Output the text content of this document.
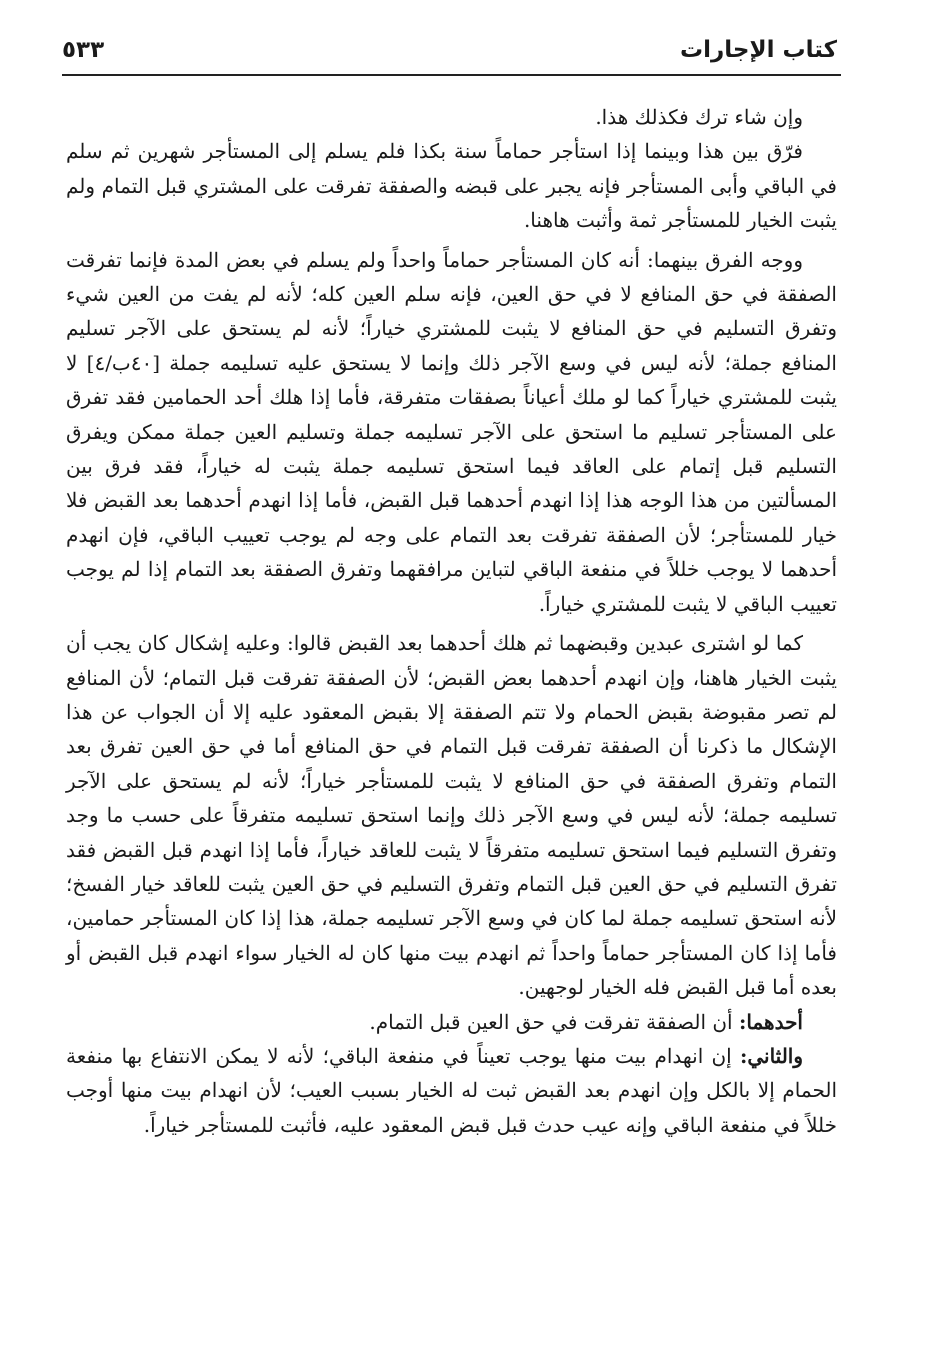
كتاب الإجارات
٥٣٣

وإن شاء ترك فكذلك هذا.

فرّق بين هذا وبينما إذا استأجر حماماً سنة بكذا فلم يسلم إلى المستأجر شهرين ثم سلم في الباقي وأبى المستأجر فإنه يجبر على قبضه والصفقة تفرقت على المشتري قبل التمام ولم يثبت الخيار للمستأجر ثمة وأثبت هاهنا.

ووجه الفرق بينهما: أنه كان المستأجر حماماً واحداً ولم يسلم في بعض المدة فإنما تفرقت الصفقة في حق المنافع لا في حق العين، فإنه سلم العين كله؛ لأنه لم يفت من العين شيء وتفرق التسليم في حق المنافع لا يثبت للمشتري خياراً؛ لأنه لم يستحق على الآجر تسليم المنافع جملة؛ لأنه ليس في وسع الآجر ذلك وإنما لا يستحق عليه تسليمه جملة [٤٠ب/٤] لا يثبت للمشتري خياراً كما لو ملك أعياناً بصفقات متفرقة، فأما إذا هلك أحد الحمامين فقد تفرق على المستأجر تسليم ما استحق على الآجر تسليمه جملة وتسليم العين جملة ممكن ويفرق التسليم قبل إتمام على العاقد فيما استحق تسليمه جملة يثبت له خياراً، فقد فرق بين المسألتين من هذا الوجه هذا إذا انهدم أحدهما قبل القبض، فأما إذا انهدم أحدهما بعد القبض فلا خيار للمستأجر؛ لأن الصفقة تفرقت بعد التمام على وجه لم يوجب تعييب الباقي، فإن انهدم أحدهما لا يوجب خللاً في منفعة الباقي لتباين مرافقهما وتفرق الصفقة بعد التمام إذا لم يوجب تعييب الباقي لا يثبت للمشتري خياراً.

كما لو اشترى عبدين وقبضهما ثم هلك أحدهما بعد القبض قالوا: وعليه إشكال كان يجب أن يثبت الخيار هاهنا، وإن انهدم أحدهما بعض القبض؛ لأن الصفقة تفرقت قبل التمام؛ لأن المنافع لم تصر مقبوضة بقبض الحمام ولا تتم الصفقة إلا بقبض المعقود عليه إلا أن الجواب عن هذا الإشكال ما ذكرنا أن الصفقة تفرقت قبل التمام في حق المنافع أما في حق العين تفرق بعد التمام وتفرق الصفقة في حق المنافع لا يثبت للمستأجر خياراً؛ لأنه لم يستحق على الآجر تسليمه جملة؛ لأنه ليس في وسع الآجر ذلك وإنما استحق تسليمه متفرقاً على حسب ما وجد وتفرق التسليم فيما استحق تسليمه متفرقاً لا يثبت للعاقد خياراً، فأما إذا انهدم قبل القبض فقد تفرق التسليم في حق العين قبل التمام وتفرق التسليم في حق العين يثبت للعاقد خيار الفسخ؛ لأنه استحق تسليمه جملة لما كان في وسع الآجر تسليمه جملة، هذا إذا كان المستأجر حمامين، فأما إذا كان المستأجر حماماً واحداً ثم انهدم بيت منها كان له الخيار سواء انهدم قبل القبض أو بعده أما قبل القبض فله الخيار لوجهين.

أحدهما: أن الصفقة تفرقت في حق العين قبل التمام.

والثاني: إن انهدام بيت منها يوجب تعيناً في منفعة الباقي؛ لأنه لا يمكن الانتفاع بها منفعة الحمام إلا بالكل وإن انهدم بعد القبض ثبت له الخيار بسبب العيب؛ لأن انهدام بيت منها أوجب خللاً في منفعة الباقي وإنه عيب حدث قبل قبض المعقود عليه، فأثبت للمستأجر خياراً.
